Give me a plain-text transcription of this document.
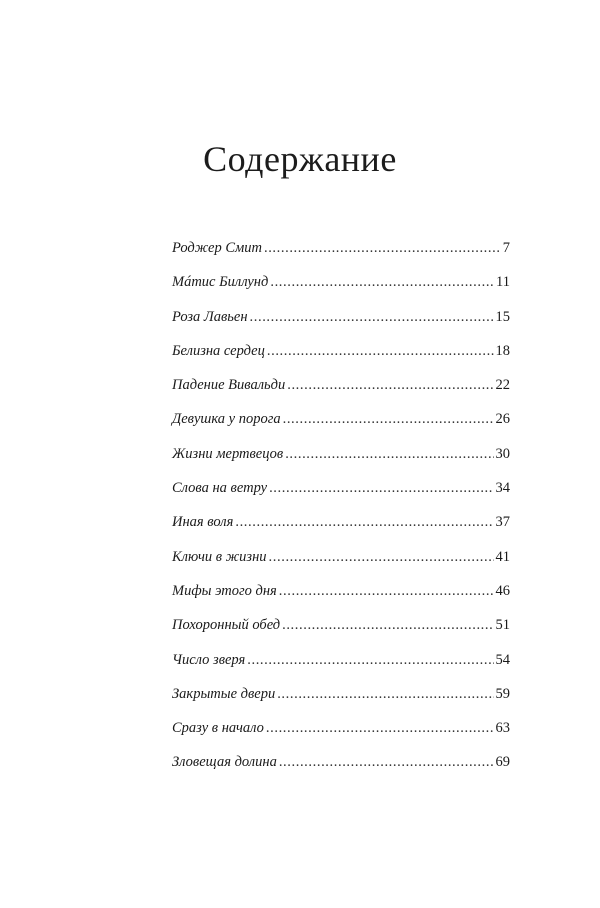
Содержание
Роджер Смит .....	7
Мáтис Биллунд .....	11
Роза Лавьен .....	15
Белизна сердец .....	18
Падение Вивальди .....	22
Девушка у порога .....	26
Жизни мертвецов .....	30
Слова на ветру .....	34
Иная воля .....	37
Ключи в жизни .....	41
Мифы этого дня .....	46
Похоронный обед .....	51
Число зверя .....	54
Закрытые двери .....	59
Сразу в начало .....	63
Зловещая долина .....	69
